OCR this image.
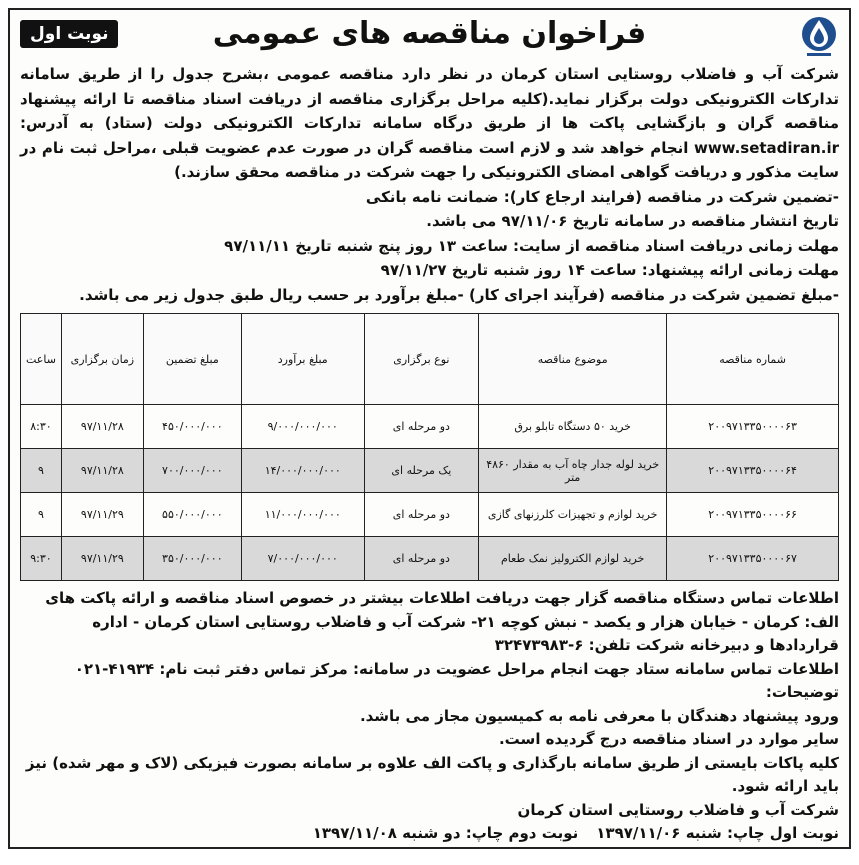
فراخوان مناقصه های عمومی
نوبت اول

شرکت آب و فاضلاب روستایی استان کرمان در نظر دارد مناقصه عمومی ،بشرح جدول را از طریق سامانه تدارکات الکترونیکی دولت برگزار نماید.(کلیه مراحل برگزاری مناقصه از دریافت اسناد مناقصه تا ارائه پیشنهاد مناقصه گران و بازگشایی پاکت ها از طریق درگاه سامانه تدارکات الکترونیکی دولت (ستاد) به آدرس: www.setadiran.ir انجام خواهد شد و لازم است مناقصه گران در صورت عدم عضویت قبلی ،مراحل ثبت نام در سایت مذکور و دریافت گواهی امضای الکترونیکی را جهت شرکت در مناقصه محقق سازند.)

-تضمین شرکت در مناقصه (فرایند ارجاع کار): ضمانت نامه بانکی

تاریخ انتشار مناقصه در سامانه تاریخ ۹۷/۱۱/۰۶ می باشد.

مهلت زمانی دریافت اسناد مناقصه از سایت: ساعت ۱۳ روز پنج شنبه تاریخ ۹۷/۱۱/۱۱

مهلت زمانی ارائه پیشنهاد: ساعت ۱۴ روز شنبه تاریخ ۹۷/۱۱/۲۷

-مبلغ تضمین شرکت در مناقصه (فرآیند اجرای کار) -مبلغ برآورد بر حسب ریال طبق جدول زیر می باشد.

شماره مناقصه	موضوع مناقصه	نوع برگزاری	مبلغ برآورد	مبلغ تضمین	زمان برگزاری	ساعت
۲۰۰۹۷۱۳۳۵۰۰۰۰۶۳	خرید ۵۰ دستگاه تابلو برق	دو مرحله ای	۹/۰۰۰/۰۰۰/۰۰۰	۴۵۰/۰۰۰/۰۰۰	۹۷/۱۱/۲۸	۸:۳۰
۲۰۰۹۷۱۳۳۵۰۰۰۰۶۴	خرید لوله جدار چاه آب به مقدار ۴۸۶۰ متر	یک مرحله ای	۱۴/۰۰۰/۰۰۰/۰۰۰	۷۰۰/۰۰۰/۰۰۰	۹۷/۱۱/۲۸	۹
۲۰۰۹۷۱۳۳۵۰۰۰۰۶۶	خرید لوازم و تجهیزات کلرزنهای گازی	دو مرحله ای	۱۱/۰۰۰/۰۰۰/۰۰۰	۵۵۰/۰۰۰/۰۰۰	۹۷/۱۱/۲۹	۹
۲۰۰۹۷۱۳۳۵۰۰۰۰۶۷	خرید لوازم الکترولیز نمک طعام	دو مرحله ای	۷/۰۰۰/۰۰۰/۰۰۰	۳۵۰/۰۰۰/۰۰۰	۹۷/۱۱/۲۹	۹:۳۰

اطلاعات تماس دستگاه مناقصه گزار جهت دریافت اطلاعات بیشتر در خصوص اسناد مناقصه و ارائه پاکت های الف: کرمان - خیابان هزار و یکصد - نبش کوچه ۲۱- شرکت آب و فاضلاب روستایی استان کرمان - اداره قراردادها و دبیرخانه شرکت تلفن: ۶-۳۲۴۷۳۹۸۳

اطلاعات تماس سامانه ستاد جهت انجام مراحل عضویت در سامانه: مرکز تماس دفتر ثبت نام: ۴۱۹۳۴-۰۲۱

توضیحات:

ورود پیشنهاد دهندگان با معرفی نامه به کمیسیون مجاز می باشد.

سایر موارد در اسناد مناقصه درج گردیده است.

کلیه پاکات بایستی از طریق سامانه بارگذاری و پاکت الف علاوه بر سامانه بصورت فیزیکی (لاک و مهر شده) نیز باید ارائه شود.

شرکت آب و فاضلاب روستایی استان کرمان

نوبت اول چاپ: شنبه ۱۳۹۷/۱۱/۰۶
نوبت دوم چاپ: دو شنبه ۱۳۹۷/۱۱/۰۸
